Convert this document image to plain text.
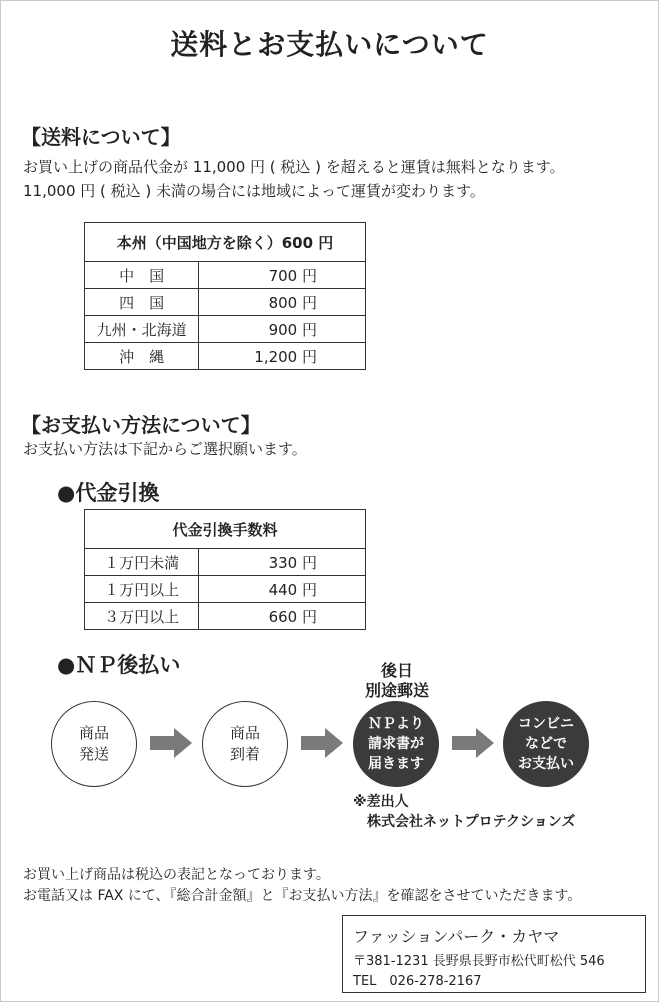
送料とお支払いについて
【送料について】
お買い上げの商品代金が 11,000 円 ( 税込 ) を超えると運賃は無料となります。
11,000 円 ( 税込 ) 未満の場合には地域によって運賃が変わります。
本州（中国地方を除く）600 円	
中　国	700 円
四　国	800 円
九州・北海道	900 円
沖　縄	1,200 円
【お支払い方法について】
お支払い方法は下記からご選択願います。
●代金引換
代金引換手数料	
１万円未満	330 円
１万円以上	440 円
３万円以上	660 円
●ＮＰ後払い	後日
別途郵送
商品
発送
商品
到着
ＮＰより
請求書が
届きます
コンビニ
などで
お支払い
※差出人
株式会社ネットプロテクションズ
お買い上げ商品は税込の表記となっております。
お電話又は FAX にて、『総合計金額』と『お支払い方法』を確認をさせていただきます。
ファッションパーク・カヤマ
〒381-1231 長野県長野市松代町松代 546
TEL　026-278-2167
